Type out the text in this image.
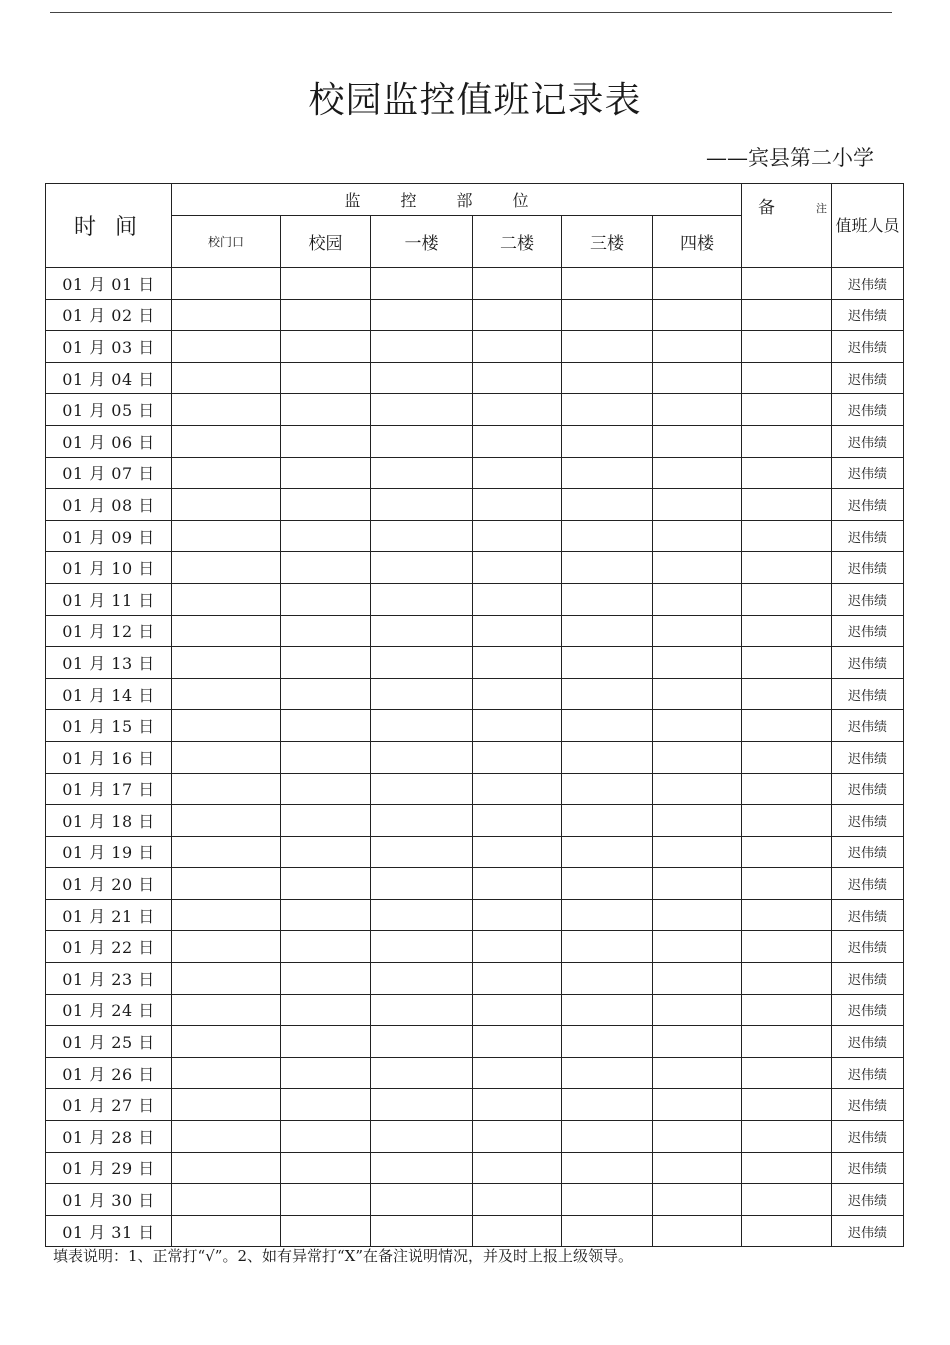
校园监控值班记录表
——宾县第二小学
时 间	监控部位						备 注	值班人员
	校门口	校园	一楼	二楼	三楼	四楼		
01 月 01 日								迟伟绩
01 月 02 日								迟伟绩
01 月 03 日								迟伟绩
01 月 04 日								迟伟绩
01 月 05 日								迟伟绩
01 月 06 日								迟伟绩
01 月 07 日								迟伟绩
01 月 08 日								迟伟绩
01 月 09 日								迟伟绩
01 月 10 日								迟伟绩
01 月 11 日								迟伟绩
01 月 12 日								迟伟绩
01 月 13 日								迟伟绩
01 月 14 日								迟伟绩
01 月 15 日								迟伟绩
01 月 16 日								迟伟绩
01 月 17 日								迟伟绩
01 月 18 日								迟伟绩
01 月 19 日								迟伟绩
01 月 20 日								迟伟绩
01 月 21 日								迟伟绩
01 月 22 日								迟伟绩
01 月 23 日								迟伟绩
01 月 24 日								迟伟绩
01 月 25 日								迟伟绩
01 月 26 日								迟伟绩
01 月 27 日								迟伟绩
01 月 28 日								迟伟绩
01 月 29 日								迟伟绩
01 月 30 日								迟伟绩
01 月 31 日								迟伟绩
填表说明：1、正常打“√”。2、如有异常打“X”在备注说明情况，并及时上报上级领导。
